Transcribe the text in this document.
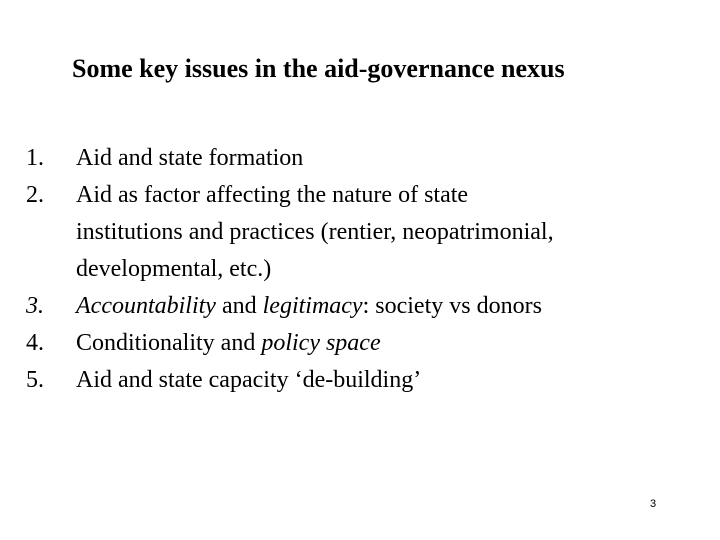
Some key issues in the aid-governance nexus
1.	Aid and state formation
2.	Aid as factor affecting the nature of state
institutions and practices (rentier, neopatrimonial,
developmental, etc.)
3.	Accountability and legitimacy: society vs donors
4.	Conditionality and policy space
5.	Aid and state capacity ‘de-building’
3
